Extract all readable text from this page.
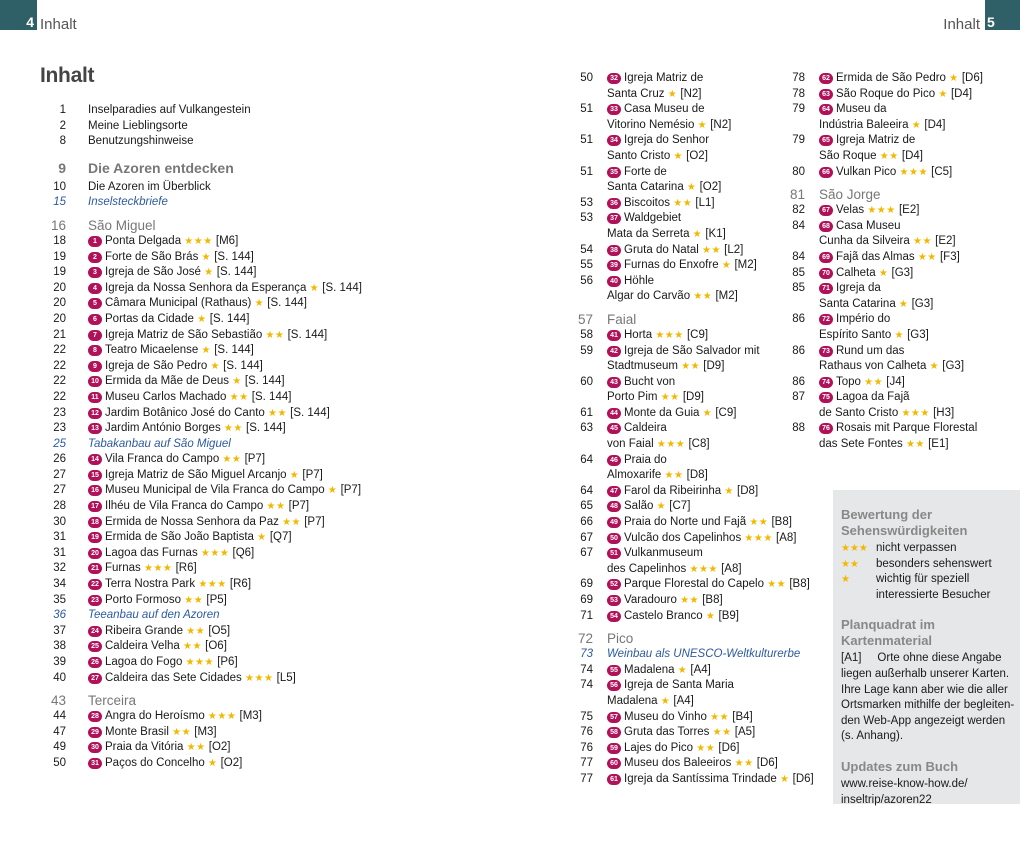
4 Inhalt	Inhalt 5
Inhalt
1 Inselparadies auf Vulkangestein
2 Meine Lieblingsorte
8 Benutzungshinweise
9 Die Azoren entdecken
10 Die Azoren im Überblick
15 Inselsteckbriefe
16 São Miguel
18	1 Ponta Delgada ★★★ [M6]
19	2 Forte de São Brás ★ [S. 144]
19	3 Igreja de São José ★ [S. 144]
20	4 Igreja da Nossa Senhora da Esperança ★ [S. 144]
20	5 Câmara Municipal (Rathaus) ★ [S. 144]
20	6 Portas da Cidade ★ [S. 144]
21	7 Igreja Matriz de São Sebastião ★★ [S. 144]
22	8 Teatro Micaelense ★ [S. 144]
22	9 Igreja de São Pedro ★ [S. 144]
22	10 Ermida da Mãe de Deus ★ [S. 144]
22	11 Museu Carlos Machado ★★ [S. 144]
23	12 Jardim Botânico José do Canto ★★ [S. 144]
23	13 Jardim António Borges ★★ [S. 144]
25 Tabakanbau auf São Miguel
26	14 Vila Franca do Campo ★★ [P7]
27	15 Igreja Matriz de São Miguel Arcanjo ★ [P7]
27	16 Museu Municipal de Vila Franca do Campo ★ [P7]
28	17 Ilhéu de Vila Franca do Campo ★★ [P7]
30	18 Ermida de Nossa Senhora da Paz ★★ [P7]
31	19 Ermida de São João Baptista ★ [Q7]
31	20 Lagoa das Furnas ★★★ [Q6]
32	21 Furnas ★★★ [R6]
34	22 Terra Nostra Park ★★★ [R6]
35	23 Porto Formoso ★★ [P5]
36 Teeanbau auf den Azoren
37	24 Ribeira Grande ★★ [O5]
38	25 Caldeira Velha ★★ [O6]
39	26 Lagoa do Fogo ★★★ [P6]
40	27 Caldeira das Sete Cidades ★★★ [L5]
43 Terceira
44	28 Angra do Heroísmo ★★★ [M3]
47	29 Monte Brasil ★★ [M3]
49	30 Praia da Vitória ★★ [O2]
50	31 Paços do Concelho ★ [O2]
50	32 Igreja Matriz de
Santa Cruz ★ [N2]
51	33 Casa Museu de
Vitorino Nemésio ★ [N2]
51	34 Igreja do Senhor
Santo Cristo ★ [O2]
51	35 Forte de
Santa Catarina ★ [O2]
53	36 Biscoitos ★★ [L1]
53	37 Waldgebiet
Mata da Serreta ★ [K1]
54	38 Gruta do Natal ★★ [L2]
55	39 Furnas do Enxofre ★ [M2]
56	40 Höhle
Algar do Carvão ★★ [M2]
57 Faial
58	41 Horta ★★★ [C9]
59	42 Igreja de São Salvador mit
Stadtmuseum ★★ [D9]
60	43 Bucht von
Porto Pim ★★ [D9]
61	44 Monte da Guia ★ [C9]
63	45 Caldeira
von Faial ★★★ [C8]
64	46 Praia do
Almoxarife ★★ [D8]
64	47 Farol da Ribeirinha ★ [D8]
65	48 Salão ★ [C7]
66	49 Praia do Norte und Fajã ★★ [B8]
67	50 Vulcão dos Capelinhos ★★★ [A8]
67	51 Vulkanmuseum
des Capelinhos ★★★ [A8]
69	52 Parque Florestal do Capelo ★★ [B8]
69	53 Varadouro ★★ [B8]
71	54 Castelo Branco ★ [B9]
72 Pico
73 Weinbau als UNESCO-Weltkulturerbe
74	55 Madalena ★ [A4]
74	56 Igreja de Santa Maria
Madalena ★ [A4]
75	57 Museu do Vinho ★★ [B4]
76	58 Gruta das Torres ★★ [A5]
76	59 Lajes do Pico ★★ [D6]
77	60 Museu dos Baleeiros ★★ [D6]
77	61 Igreja da Santíssima Trindade ★ [D6]
78	62 Ermida de São Pedro ★ [D6]
78	63 São Roque do Pico ★ [D4]
79	64 Museu da
Indústria Baleeira ★ [D4]
79	65 Igreja Matriz de
São Roque ★★ [D4]
80	66 Vulkan Pico ★★★ [C5]
81 São Jorge
82	67 Velas ★★★ [E2]
84	68 Casa Museu
Cunha da Silveira ★★ [E2]
84	69 Fajã das Almas ★★ [F3]
85	70 Calheta ★ [G3]
85	71 Igreja da
Santa Catarina ★ [G3]
86	72 Império do
Espírito Santo ★ [G3]
86	73 Rund um das
Rathaus von Calheta ★ [G3]
86	74 Topo ★★ [J4]
87	75 Lagoa da Fajã
de Santo Cristo ★★★ [H3]
88	76 Rosais mit Parque Florestal
das Sete Fontes ★★ [E1]
Bewertung der Sehenswürdigkeiten
★★★ nicht verpassen
★★	besonders sehenswert
★	wichtig für speziell
interessierte Besucher
Planquadrat im Kartenmaterial
[A1]     Orte ohne diese Angabe
liegen außerhalb unserer Karten.
Ihre Lage kann aber wie die aller
Ortsmarken mithilfe der begleiten-
den Web-App angezeigt werden
(s. Anhang).
Updates zum Buch
www.reise-know-how.de/
inseltrip/azoren22
